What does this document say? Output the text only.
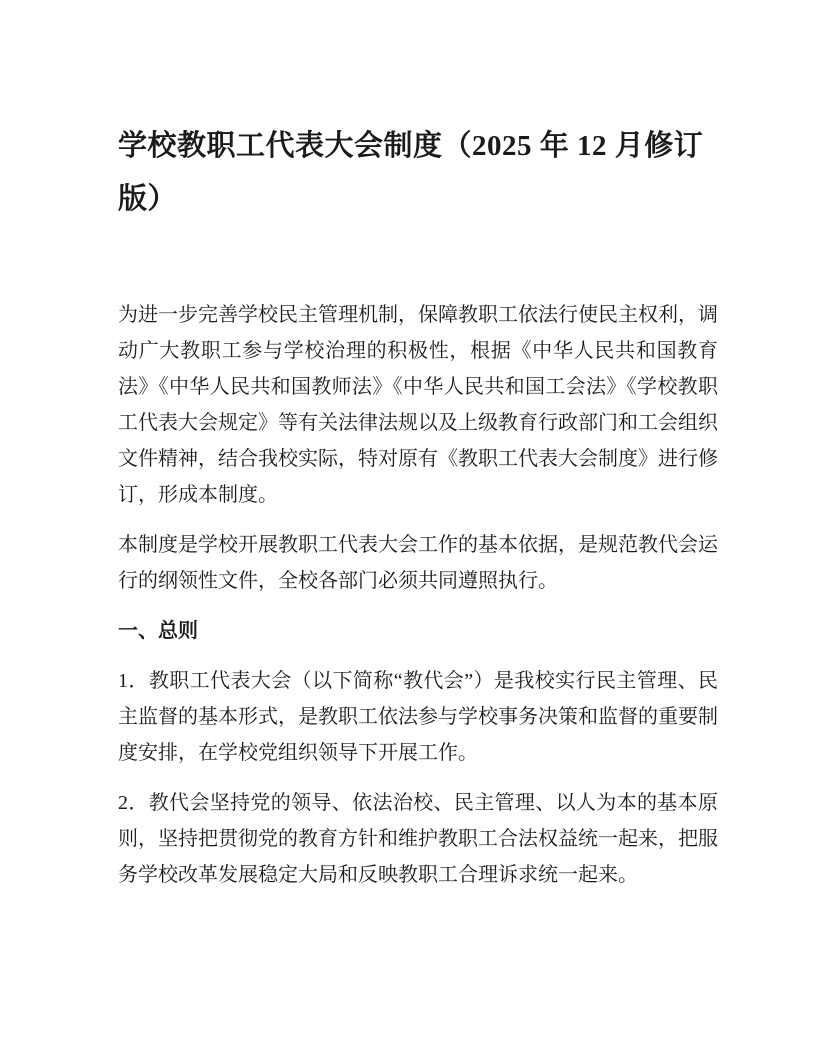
学校教职工代表大会制度（2025 年 12 月修订版）

为进一步完善学校民主管理机制，保障教职工依法行使民主权利，调动广大教职工参与学校治理的积极性，根据《中华人民共和国教育法》《中华人民共和国教师法》《中华人民共和国工会法》《学校教职工代表大会规定》等有关法律法规以及上级教育行政部门和工会组织文件精神，结合我校实际，特对原有《教职工代表大会制度》进行修订，形成本制度。

本制度是学校开展教职工代表大会工作的基本依据，是规范教代会运行的纲领性文件，全校各部门必须共同遵照执行。

一、总则

1．教职工代表大会（以下简称“教代会”）是我校实行民主管理、民主监督的基本形式，是教职工依法参与学校事务决策和监督的重要制度安排，在学校党组织领导下开展工作。

2．教代会坚持党的领导、依法治校、民主管理、以人为本的基本原则，坚持把贯彻党的教育方针和维护教职工合法权益统一起来，把服务学校改革发展稳定大局和反映教职工合理诉求统一起来。
